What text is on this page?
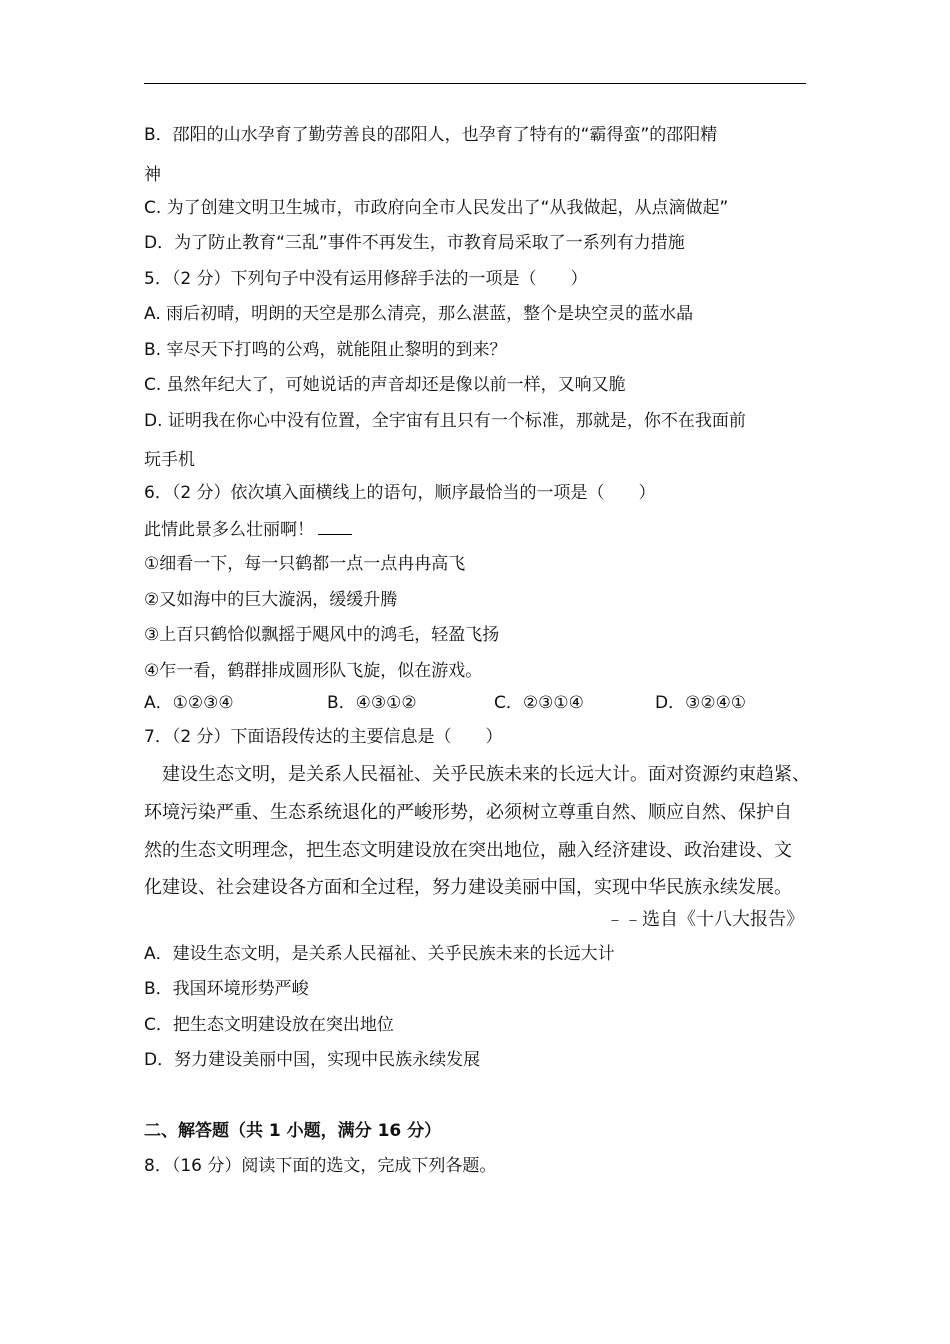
B．邵阳的山水孕育了勤劳善良的邵阳人，也孕育了特有的“霸得蛮”的邵阳精
神
C. 为了创建文明卫生城市，市政府向全市人民发出了“从我做起，从点滴做起”
D．为了防止教育“三乱”事件不再发生，市教育局采取了一系列有力措施
5．（2 分）下列句子中没有运用修辞手法的一项是（　　）
A. 雨后初晴，明朗的天空是那么清亮，那么湛蓝，整个是块空灵的蓝水晶
B. 宰尽天下打鸣的公鸡，就能阻止黎明的到来？
C. 虽然年纪大了，可她说话的声音却还是像以前一样，又响又脆
D. 证明我在你心中没有位置，全宇宙有且只有一个标准，那就是，你不在我面前
玩手机
6．（2 分）依次填入面横线上的语句，顺序最恰当的一项是（　　）
此情此景多么壮丽啊！
①细看一下，每一只鹤都一点一点冉冉高飞
②又如海中的巨大漩涡，缓缓升腾
③上百只鹤恰似飘摇于飓风中的鸿毛，轻盈飞扬
④乍一看，鹤群排成圆形队飞旋，似在游戏。
A．①②③④	B．④③①②	C．②③①④	D．③②④①
7．（2 分）下面语段传达的主要信息是（　　）
建设生态文明，是关系人民福祉、关乎民族未来的长远大计。面对资源约束趋紧、
环境污染严重、生态系统退化的严峻形势，必须树立尊重自然、顺应自然、保护自
然的生态文明理念，把生态文明建设放在突出地位，融入经济建设、政治建设、文
化建设、社会建设各方面和全过程，努力建设美丽中国，实现中华民族永续发展。
﹣﹣选自《十八大报告》
A．建设生态文明，是关系人民福祉、关乎民族未来的长远大计
B．我国环境形势严峻
C．把生态文明建设放在突出地位
D．努力建设美丽中国，实现中民族永续发展
二、解答题（共 1 小题，满分 16 分）
8．（16 分）阅读下面的选文，完成下列各题。
